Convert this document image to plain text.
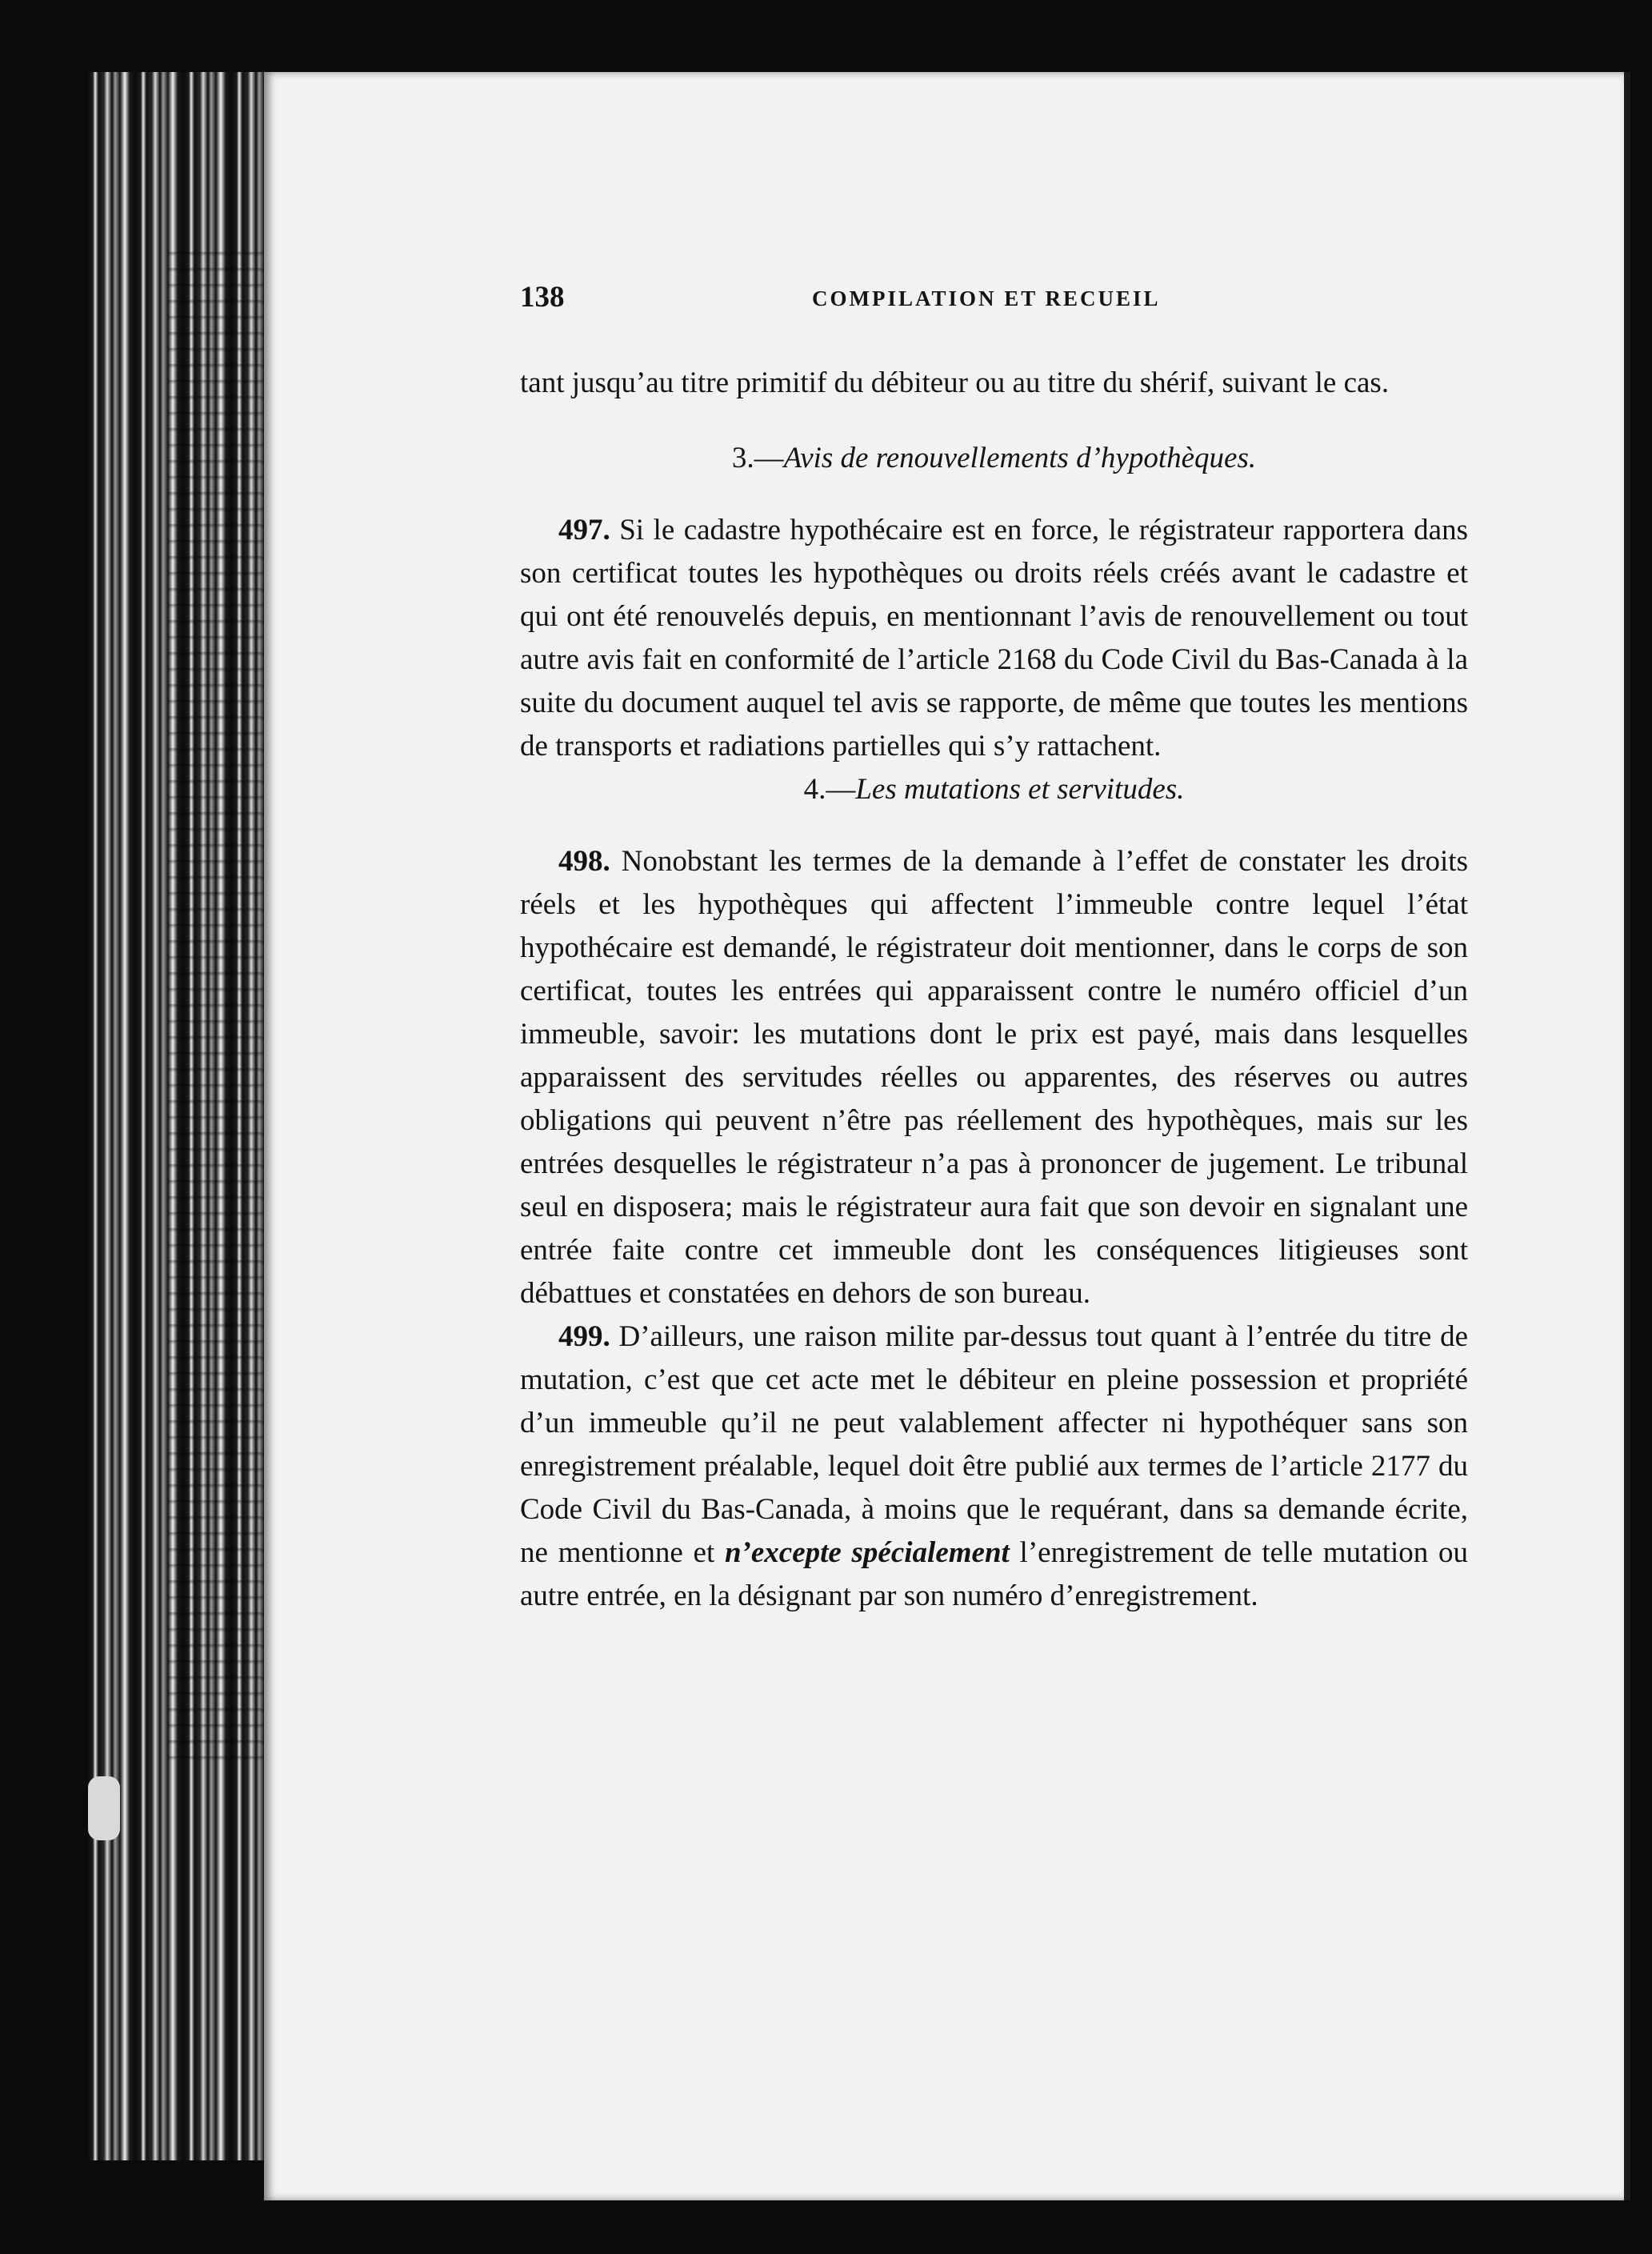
138	COMPILATION ET RECUEIL

tant jusqu’au titre primitif du débiteur ou au titre du shérif, suivant le cas.

3.—Avis de renouvellements d’hypothèques.

497. Si le cadastre hypothécaire est en force, le régistrateur rapportera dans son certificat toutes les hypothèques ou droits réels créés avant le cadastre et qui ont été renouvelés depuis, en mentionnant l’avis de renouvellement ou tout autre avis fait en conformité de l’article 2168 du Code Civil du Bas-Canada à la suite du document auquel tel avis se rapporte, de même que toutes les mentions de transports et radiations partielles qui s’y rattachent.

4.—Les mutations et servitudes.

498. Nonobstant les termes de la demande à l’effet de constater les droits réels et les hypothèques qui affectent l’immeuble contre lequel l’état hypothécaire est demandé, le régistrateur doit mentionner, dans le corps de son certificat, toutes les entrées qui apparaissent contre le numéro officiel d’un immeuble, savoir: les mutations dont le prix est payé, mais dans lesquelles apparaissent des servitudes réelles ou apparentes, des réserves ou autres obligations qui peuvent n’être pas réellement des hypothèques, mais sur les entrées desquelles le régistrateur n’a pas à prononcer de jugement. Le tribunal seul en disposera; mais le régistrateur aura fait que son devoir en signalant une entrée faite contre cet immeuble dont les conséquences litigieuses sont débattues et constatées en dehors de son bureau.

499. D’ailleurs, une raison milite par-dessus tout quant à l’entrée du titre de mutation, c’est que cet acte met le débiteur en pleine possession et propriété d’un immeuble qu’il ne peut valablement affecter ni hypothéquer sans son enregistrement préalable, lequel doit être publié aux termes de l’article 2177 du Code Civil du Bas-Canada, à moins que le requérant, dans sa demande écrite, ne mentionne et n’excepte spécialement l’enregistrement de telle mutation ou autre entrée, en la désignant par son numéro d’enregistrement.
